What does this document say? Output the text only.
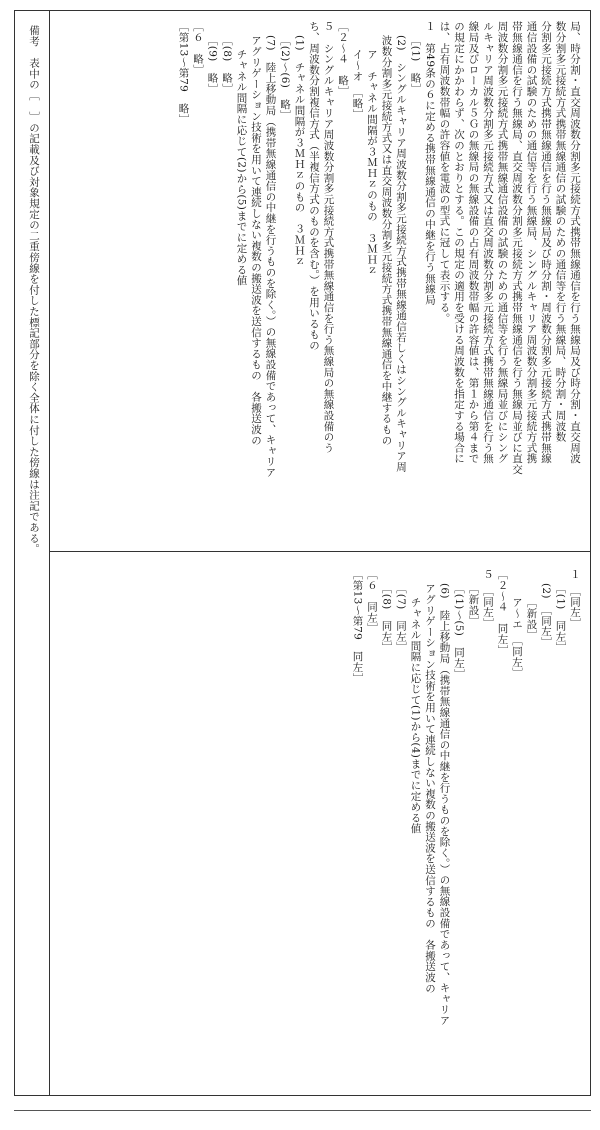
備考　表中の［　］の記載及び対象規定の二重傍線を付した標記部分を除く全体に付した傍線は注記である。	局、時分割・直交周波数分割多元接続方式携帯無線通信を行う無線局及び時分割・直交周波
数分割多元接続方式携帯無線通信の試験のための通信等を行う無線局、時分割・周波数
分割多元接続方式携帯無線通信を行う無線局及び時分割・周波数分割多元接続方式携帯無線
通信設備の試験のための通信等を行う無線局、シングルキャリア周波数分割多元接続方式携
帯無線通信を行う無線局、直交周波数分割多元接続方式携帯無線通信を行う無線局並びに直交
周波数分割多元接続方式携帯無線通信設備の試験のための通信等を行う無線局並びにシング
ルキャリア周波数分割多元接続方式又は直交周波数分割多元接続方式携帯無線通信を行う無
線局及びローカル５Ｇの無線局の無線設備の占有周波数帯幅の許容値は、第１から第４まで
の規定にかかわらず、次のとおりとする。この規定の適用を受ける周波数を指定する場合に
は、占有周波数帯幅の許容値を電波の型式に冠して表示する。
１　第49条の６に定める携帯無線通信の中継を行う無線局
［(1)　略］
(2)　シングルキャリア周波数分割多元接続方式携帯無線通信若しくはシングルキャリア周
波数分割多元接続方式又は直交周波数分割多元接続方式携帯無線通信を中継するもの
ア　チャネル間隔が３ＭＨｚのもの　３ＭＨｚ
イ～オ　［略］
［２～４　略］
５　シングルキャリア周波数分割多元接続方式携帯無線通信を行う無線局の無線設備のう
ち、周波数分割複信方式（半複信方式のものを含む。）を用いるもの
(1)　チャネル間隔が３ＭＨｚのもの　３ＭＨｚ
［(2)～(6)　略］
(7)　陸上移動局（携帯無線通信の中継を行うものを除く。）の無線設備であって、キャリア
アグリゲーション技術を用いて連続しない複数の搬送波を送信するもの　各搬送波の
チャネル間隔に応じて(2)から(5)までに定める値
［(8)　略］
［(9)　略］
［６　略］
［第13～第79　略］
１　［同左］
［(1)　同左］
(2)　［同左］
［新設］
ア～エ　［同左］
［２～４　同左］
５　［同左］
［新設］
［(1)～(5)　同左］
(6)　陸上移動局（携帯無線通信の中継を行うものを除く。）の無線設備であって、キャリア
アグリゲーション技術を用いて連続しない複数の搬送波を送信するもの　各搬送波の
チャネル間隔に応じて(1)から(4)までに定める値
［(7)　同左］
［(8)　同左］
［６　同左］
［第13～第79　同左］
